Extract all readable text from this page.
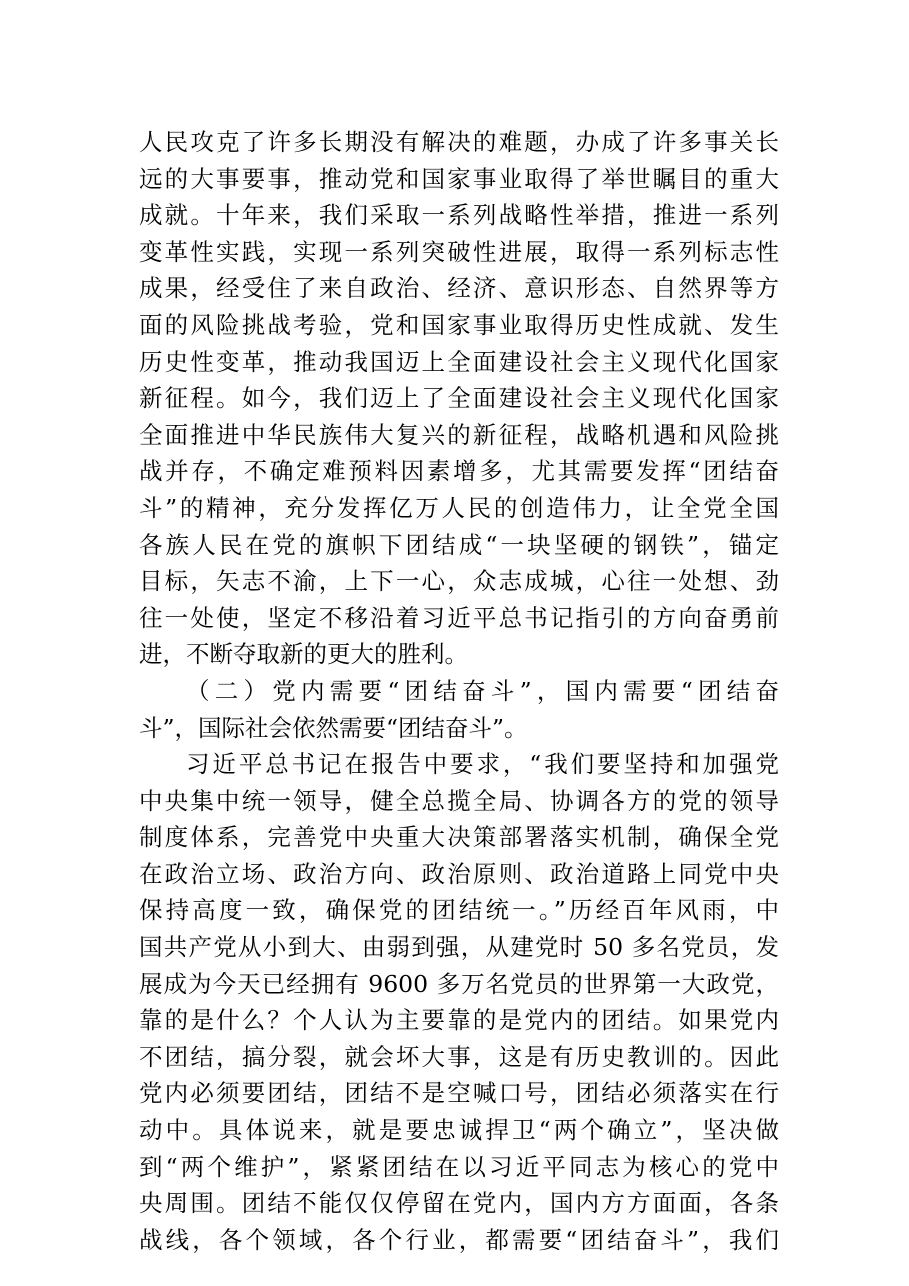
人民攻克了许多长期没有解决的难题，办成了许多事关长
远的大事要事，推动党和国家事业取得了举世瞩目的重大
成就。十年来，我们采取一系列战略性举措，推进一系列
变革性实践，实现一系列突破性进展，取得一系列标志性
成果，经受住了来自政治、经济、意识形态、自然界等方
面的风险挑战考验，党和国家事业取得历史性成就、发生
历史性变革，推动我国迈上全面建设社会主义现代化国家
新征程。如今，我们迈上了全面建设社会主义现代化国家
全面推进中华民族伟大复兴的新征程，战略机遇和风险挑
战并存，不确定难预料因素增多，尤其需要发挥“团结奋
斗”的精神，充分发挥亿万人民的创造伟力，让全党全国
各族人民在党的旗帜下团结成“一块坚硬的钢铁”，锚定
目标，矢志不渝，上下一心，众志成城，心往一处想、劲
往一处使，坚定不移沿着习近平总书记指引的方向奋勇前
进，不断夺取新的更大的胜利。
（二）党内需要“团结奋斗”，国内需要“团结奋
斗”，国际社会依然需要“团结奋斗”。
习近平总书记在报告中要求，“我们要坚持和加强党
中央集中统一领导，健全总揽全局、协调各方的党的领导
制度体系，完善党中央重大决策部署落实机制，确保全党
在政治立场、政治方向、政治原则、政治道路上同党中央
保持高度一致，确保党的团结统一。”历经百年风雨，中
国共产党从小到大、由弱到强，从建党时 50 多名党员，发
展成为今天已经拥有 9600 多万名党员的世界第一大政党，
靠的是什么？个人认为主要靠的是党内的团结。如果党内
不团结，搞分裂，就会坏大事，这是有历史教训的。因此
党内必须要团结，团结不是空喊口号，团结必须落实在行
动中。具体说来，就是要忠诚捍卫“两个确立”，坚决做
到“两个维护”，紧紧团结在以习近平同志为核心的党中
央周围。团结不能仅仅停留在党内，国内方方面面，各条
战线，各个领域，各个行业，都需要“团结奋斗”，我们
